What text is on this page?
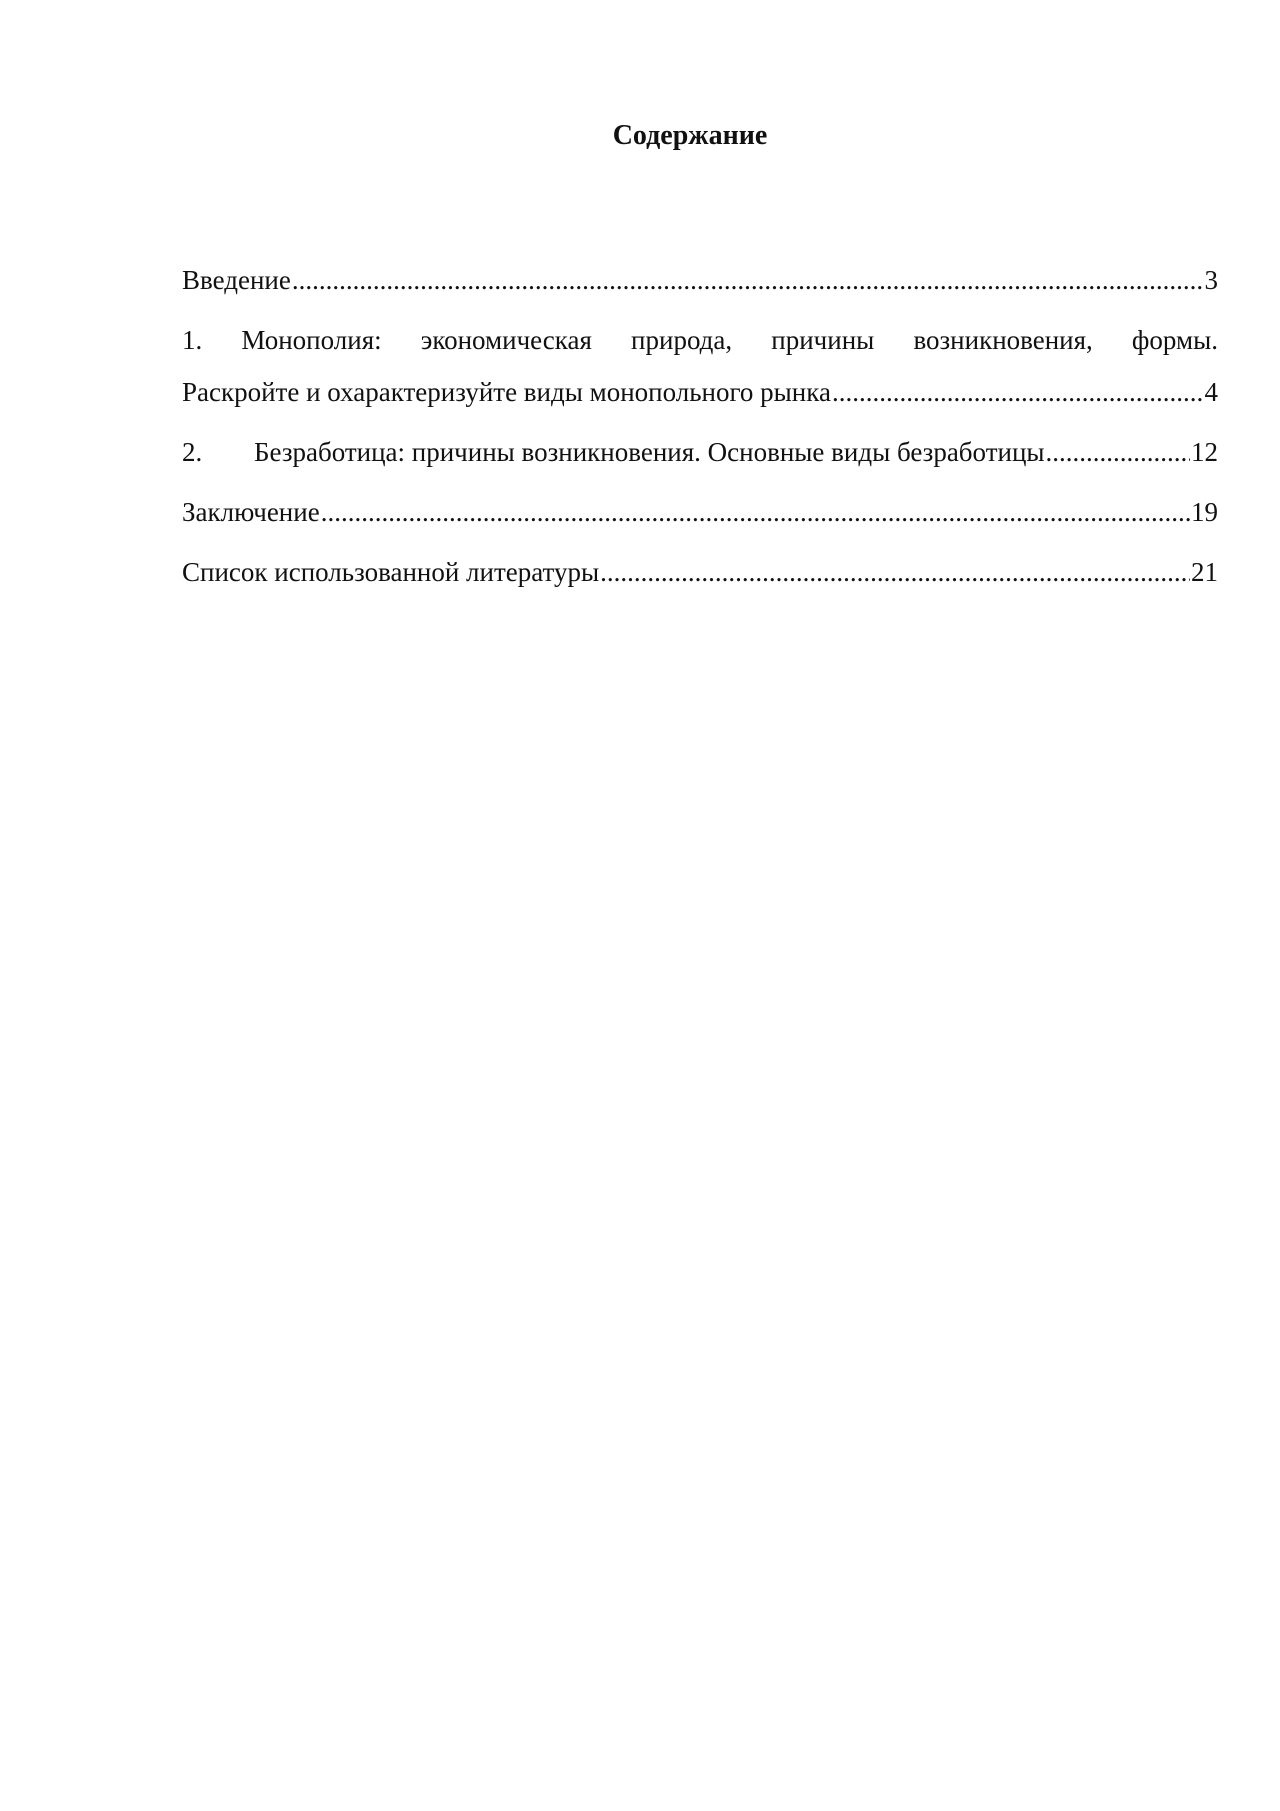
Содержание
Введение .....	3
1. Монополия: экономическая природа, причины возникновения, формы.
Раскройте и охарактеризуйте виды монопольного рынка .....	4
2. Безработица: причины возникновения. Основные виды безработицы .....	12
Заключение .....	19
Список использованной литературы .....	21
